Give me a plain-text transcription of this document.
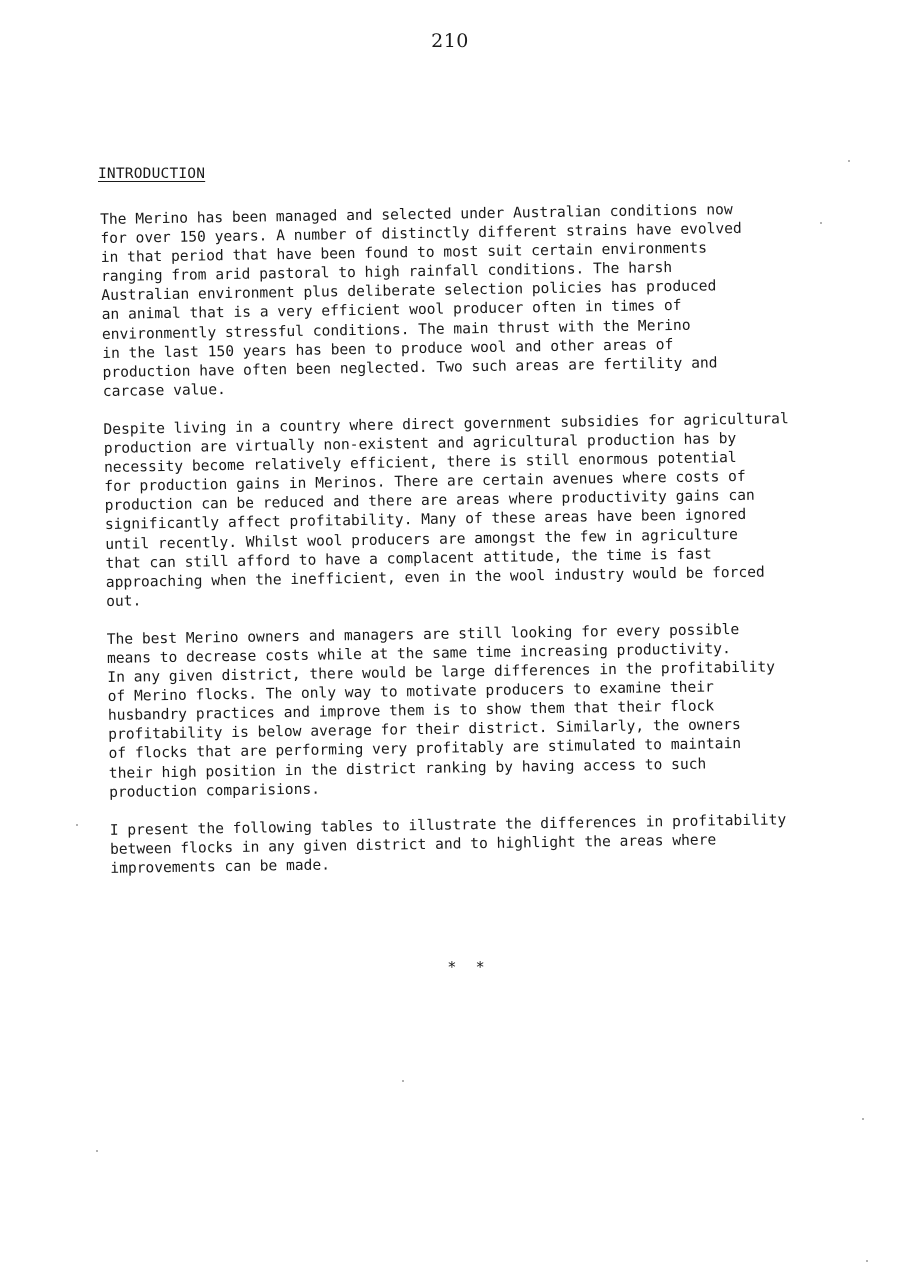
210
INTRODUCTION

The Merino has been managed and selected under Australian conditions now
for over 150 years. A number of distinctly different strains have evolved
in that period that have been found to most suit certain environments
ranging from arid pastoral to high rainfall conditions. The harsh
Australian environment plus deliberate selection policies has produced
an animal that is a very efficient wool producer often in times of
environmently stressful conditions. The main thrust with the Merino
in the last 150 years has been to produce wool and other areas of
production have often been neglected. Two such areas are fertility and
carcase value.

Despite living in a country where direct government subsidies for agricultural
production are virtually non-existent and agricultural production has by
necessity become relatively efficient, there is still enormous potential
for production gains in Merinos. There are certain avenues where costs of
production can be reduced and there are areas where productivity gains can
significantly affect profitability. Many of these areas have been ignored
until recently. Whilst wool producers are amongst the few in agriculture
that can still afford to have a complacent attitude, the time is fast
approaching when the inefficient, even in the wool industry would be forced
out.

The best Merino owners and managers are still looking for every possible
means to decrease costs while at the same time increasing productivity.
In any given district, there would be large differences in the profitability
of Merino flocks. The only way to motivate producers to examine their
husbandry practices and improve them is to show them that their flock
profitability is below average for their district. Similarly, the owners
of flocks that are performing very profitably are stimulated to maintain
their high position in the district ranking by having access to such
production comparisions.

I present the following tables to illustrate the differences in profitability
between flocks in any given district and to highlight the areas where
improvements can be made.

* *
